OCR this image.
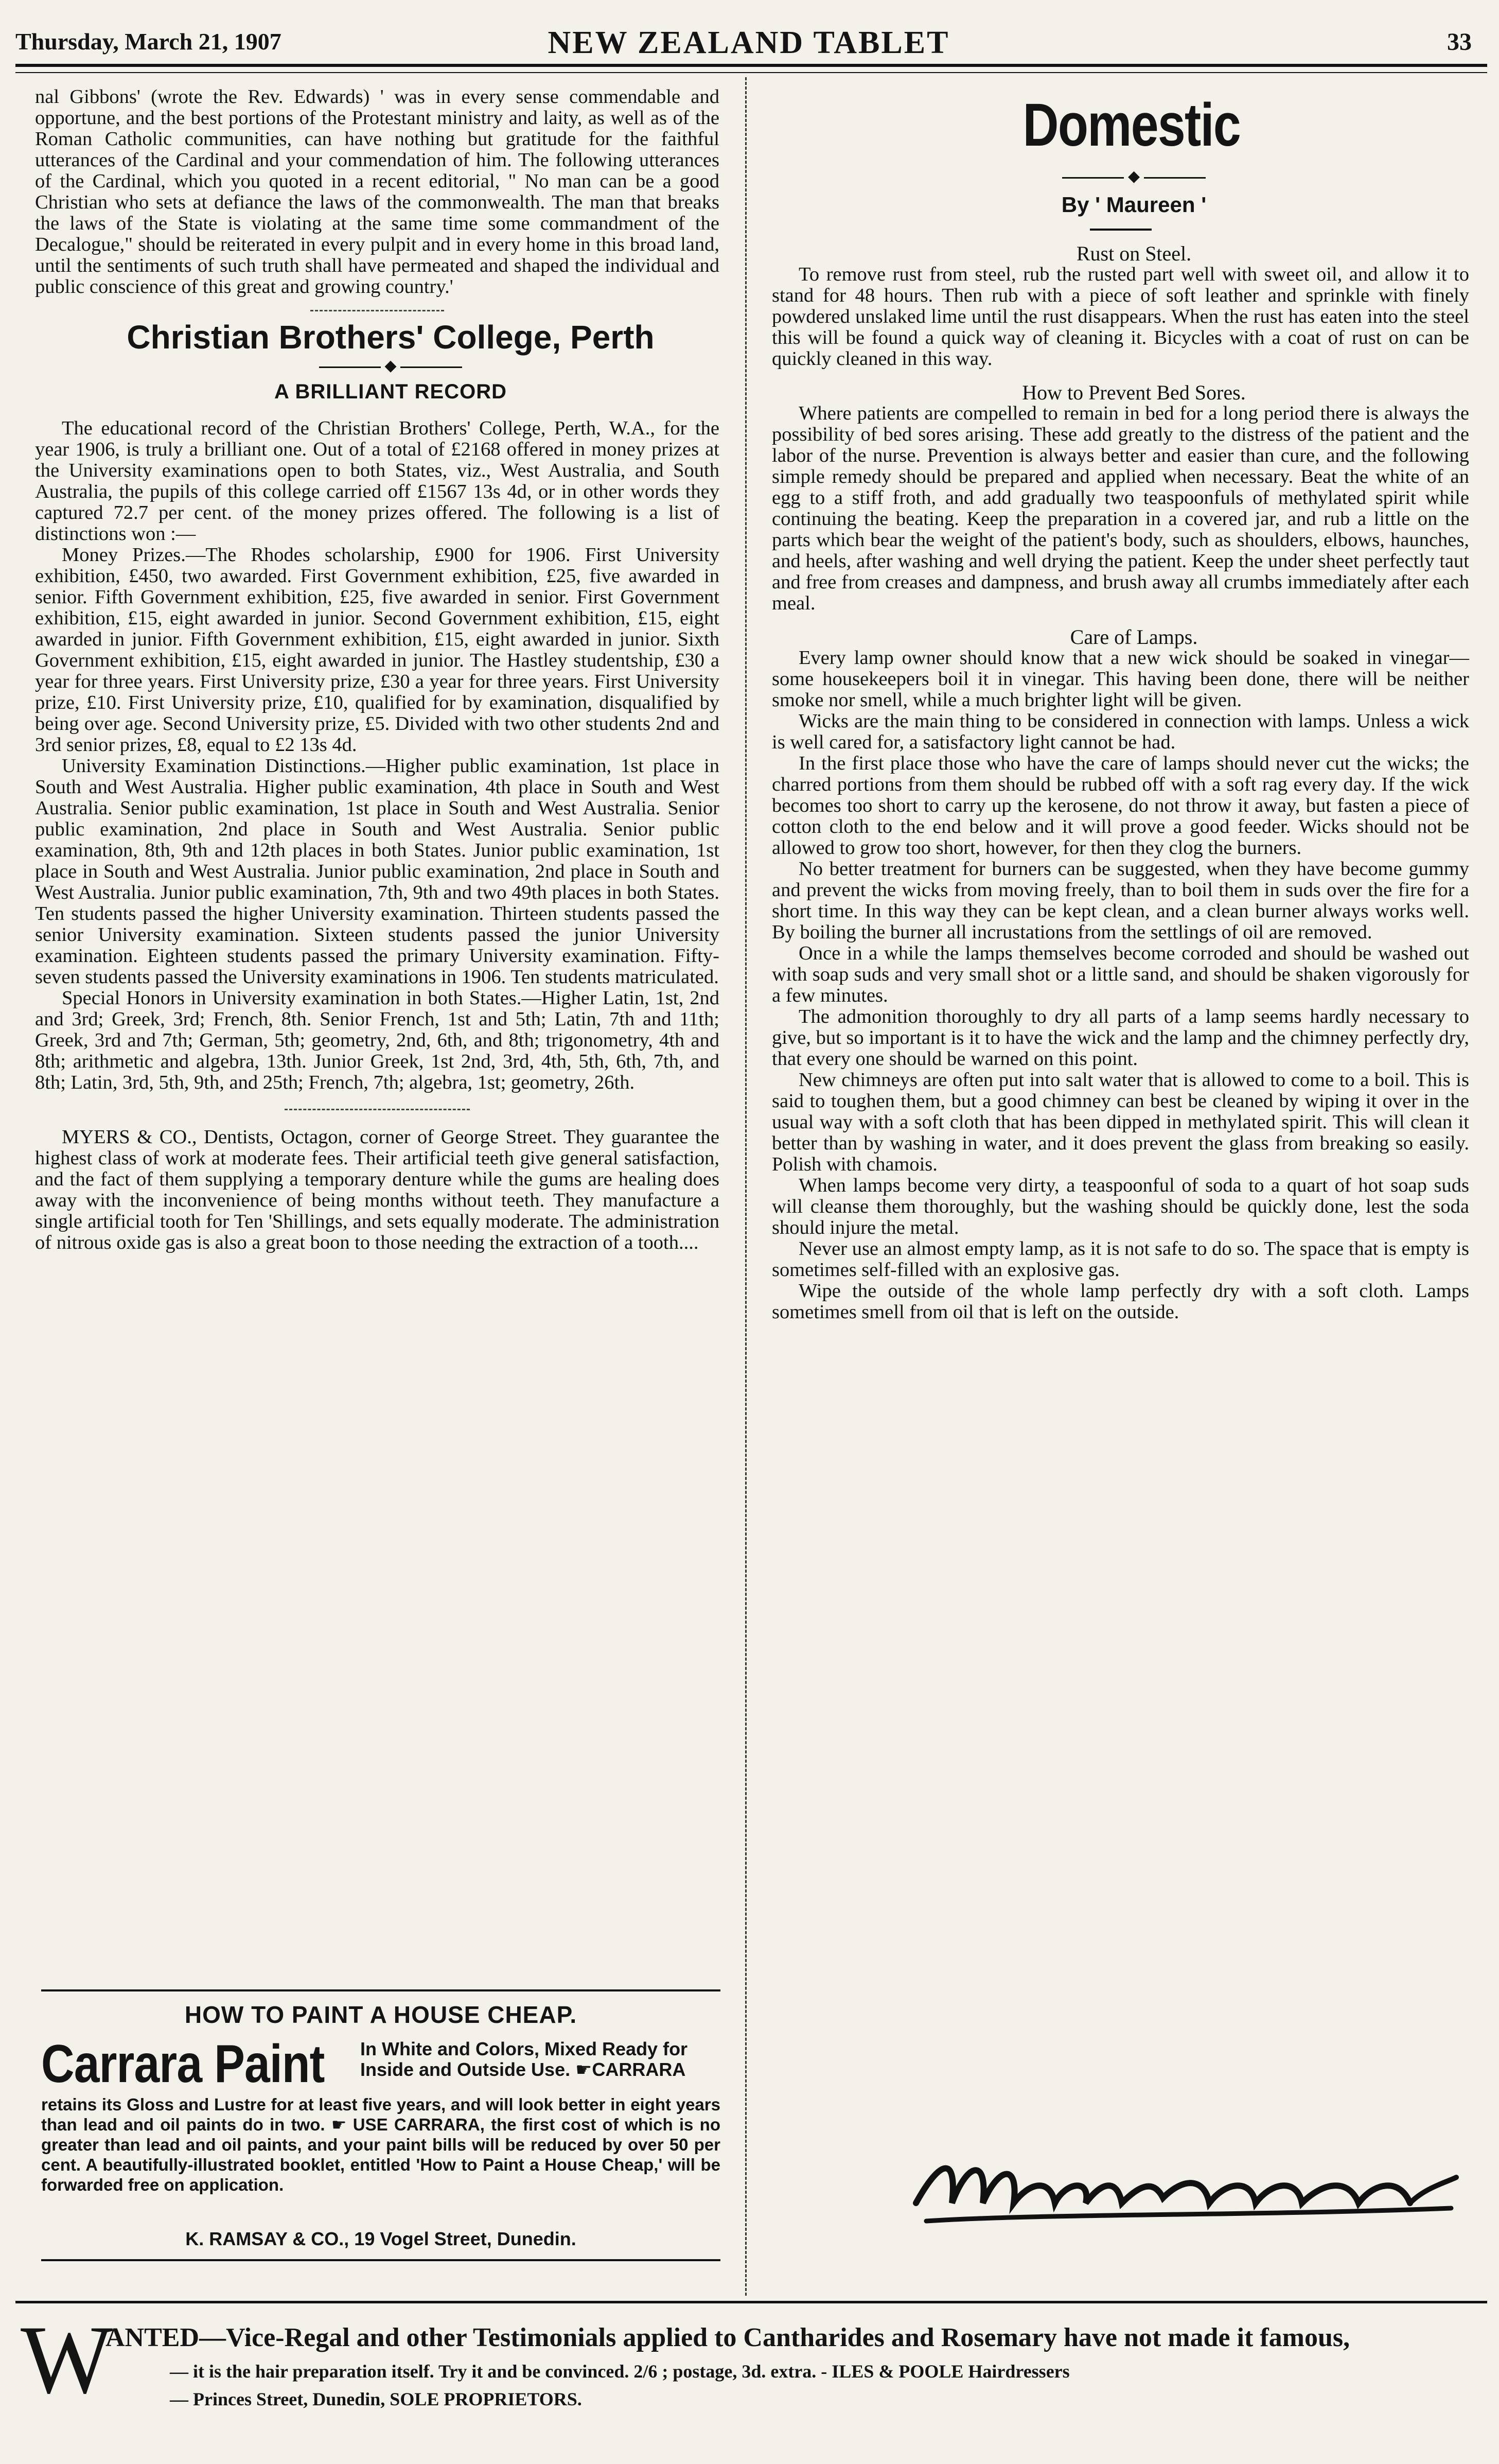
Thursday, March 21, 1907	NEW ZEALAND TABLET	33

nal Gibbons' (wrote the Rev. Edwards) ' was in every sense commendable and opportune, and the best portions of the Protestant ministry and laity, as well as of the Roman Catholic communities, can have nothing but gratitude for the faithful utterances of the Cardinal and your commendation of him. The following utterances of the Cardinal, which you quoted in a recent editorial, " No man can be a good Christian who sets at defiance the laws of the commonwealth. The man that breaks the laws of the State is violating at the same time some commandment of the Decalogue," should be reiterated in every pulpit and in every home in this broad land, until the sentiments of such truth shall have permeated and shaped the individual and public conscience of this great and growing country.'

Christian Brothers' College, Perth

◆

A BRILLIANT RECORD

The educational record of the Christian Brothers' College, Perth, W.A., for the year 1906, is truly a brilliant one. Out of a total of £2168 offered in money prizes at the University examinations open to both States, viz., West Australia, and South Australia, the pupils of this college carried off £1567 13s 4d, or in other words they captured 72.7 per cent. of the money prizes offered. The following is a list of distinctions won :—

Money Prizes.—The Rhodes scholarship, £900 for 1906. First University exhibition, £450, two awarded. First Government exhibition, £25, five awarded in senior. Fifth Government exhibition, £25, five awarded in senior. First Government exhibition, £15, eight awarded in junior. Second Government exhibition, £15, eight awarded in junior. Fifth Government exhibition, £15, eight awarded in junior. Sixth Government exhibition, £15, eight awarded in junior. The Hastley studentship, £30 a year for three years. First University prize, £30 a year for three years. First University prize, £10. First University prize, £10, qualified for by examination, disqualified by being over age. Second University prize, £5. Divided with two other students 2nd and 3rd senior prizes, £8, equal to £2 13s 4d.

University Examination Distinctions.—Higher public examination, 1st place in South and West Australia. Higher public examination, 4th place in South and West Australia. Senior public examination, 1st place in South and West Australia. Senior public examination, 2nd place in South and West Australia. Senior public examination, 8th, 9th and 12th places in both States. Junior public examination, 1st place in South and West Australia. Junior public examination, 2nd place in South and West Australia. Junior public examination, 7th, 9th and two 49th places in both States. Ten students passed the higher University examination. Thirteen students passed the senior University examination. Sixteen students passed the junior University examination. Eighteen students passed the primary University examination. Fifty-seven students passed the University examinations in 1906. Ten students matriculated.

Special Honors in University examination in both States.—Higher Latin, 1st, 2nd and 3rd; Greek, 3rd; French, 8th. Senior French, 1st and 5th; Latin, 7th and 11th; Greek, 3rd and 7th; German, 5th; geometry, 2nd, 6th, and 8th; trigonometry, 4th and 8th; arithmetic and algebra, 13th. Junior Greek, 1st 2nd, 3rd, 4th, 5th, 6th, 7th, and 8th; Latin, 3rd, 5th, 9th, and 25th; French, 7th; algebra, 1st; geometry, 26th.

MYERS & CO., Dentists, Octagon, corner of George Street. They guarantee the highest class of work at moderate fees. Their artificial teeth give general satisfaction, and the fact of them supplying a temporary denture while the gums are healing does away with the inconvenience of being months without teeth. They manufacture a single artificial tooth for Ten 'Shillings, and sets equally moderate. The administration of nitrous oxide gas is also a great boon to those needing the extraction of a tooth....

HOW TO PAINT A HOUSE CHEAP.
Carrara Paint In White and Colors, Mixed Ready for Inside and Outside Use. ☛CARRARA
retains its Gloss and Lustre for at least five years, and will look better in eight years than lead and oil paints do in two. ☛ USE CARRARA, the first cost of which is no greater than lead and oil paints, and your paint bills will be reduced by over 50 per cent. A beautifully-illustrated booklet, entitled 'How to Paint a House Cheap,' will be forwarded free on application.
K. RAMSAY & CO., 19 Vogel Street, Dunedin.

Domestic

◆

By ' Maureen '

Rust on Steel.

To remove rust from steel, rub the rusted part well with sweet oil, and allow it to stand for 48 hours. Then rub with a piece of soft leather and sprinkle with finely powdered unslaked lime until the rust disappears. When the rust has eaten into the steel this will be found a quick way of cleaning it. Bicycles with a coat of rust on can be quickly cleaned in this way.

How to Prevent Bed Sores.

Where patients are compelled to remain in bed for a long period there is always the possibility of bed sores arising. These add greatly to the distress of the patient and the labor of the nurse. Prevention is always better and easier than cure, and the following simple remedy should be prepared and applied when necessary. Beat the white of an egg to a stiff froth, and add gradually two teaspoonfuls of methylated spirit while continuing the beating. Keep the preparation in a covered jar, and rub a little on the parts which bear the weight of the patient's body, such as shoulders, elbows, haunches, and heels, after washing and well drying the patient. Keep the under sheet perfectly taut and free from creases and dampness, and brush away all crumbs immediately after each meal.

Care of Lamps.

Every lamp owner should know that a new wick should be soaked in vinegar—some housekeepers boil it in vinegar. This having been done, there will be neither smoke nor smell, while a much brighter light will be given.

Wicks are the main thing to be considered in connection with lamps. Unless a wick is well cared for, a satisfactory light cannot be had.

In the first place those who have the care of lamps should never cut the wicks; the charred portions from them should be rubbed off with a soft rag every day. If the wick becomes too short to carry up the kerosene, do not throw it away, but fasten a piece of cotton cloth to the end below and it will prove a good feeder. Wicks should not be allowed to grow too short, however, for then they clog the burners.

No better treatment for burners can be suggested, when they have become gummy and prevent the wicks from moving freely, than to boil them in suds over the fire for a short time. In this way they can be kept clean, and a clean burner always works well. By boiling the burner all incrustations from the settlings of oil are removed.

Once in a while the lamps themselves become corroded and should be washed out with soap suds and very small shot or a little sand, and should be shaken vigorously for a few minutes.

The admonition thoroughly to dry all parts of a lamp seems hardly necessary to give, but so important is it to have the wick and the lamp and the chimney perfectly dry, that every one should be warned on this point.

New chimneys are often put into salt water that is allowed to come to a boil. This is said to toughen them, but a good chimney can best be cleaned by wiping it over in the usual way with a soft cloth that has been dipped in methylated spirit. This will clean it better than by washing in water, and it does prevent the glass from breaking so easily. Polish with chamois.

When lamps become very dirty, a teaspoonful of soda to a quart of hot soap suds will cleanse them thoroughly, but the washing should be quickly done, lest the soda should injure the metal.

Never use an almost empty lamp, as it is not safe to do so. The space that is empty is sometimes self-filled with an explosive gas.

Wipe the outside of the whole lamp perfectly dry with a soft cloth. Lamps sometimes smell from oil that is left on the outside.

W
ANTED—Vice-Regal and other Testimonials applied to Cantharides and Rosemary have not made it famous,
— it is the hair preparation itself. Try it and be convinced. 2/6 ; postage, 3d. extra. - ILES & POOLE Hairdressers
— Princes Street, Dunedin, SOLE PROPRIETORS.
